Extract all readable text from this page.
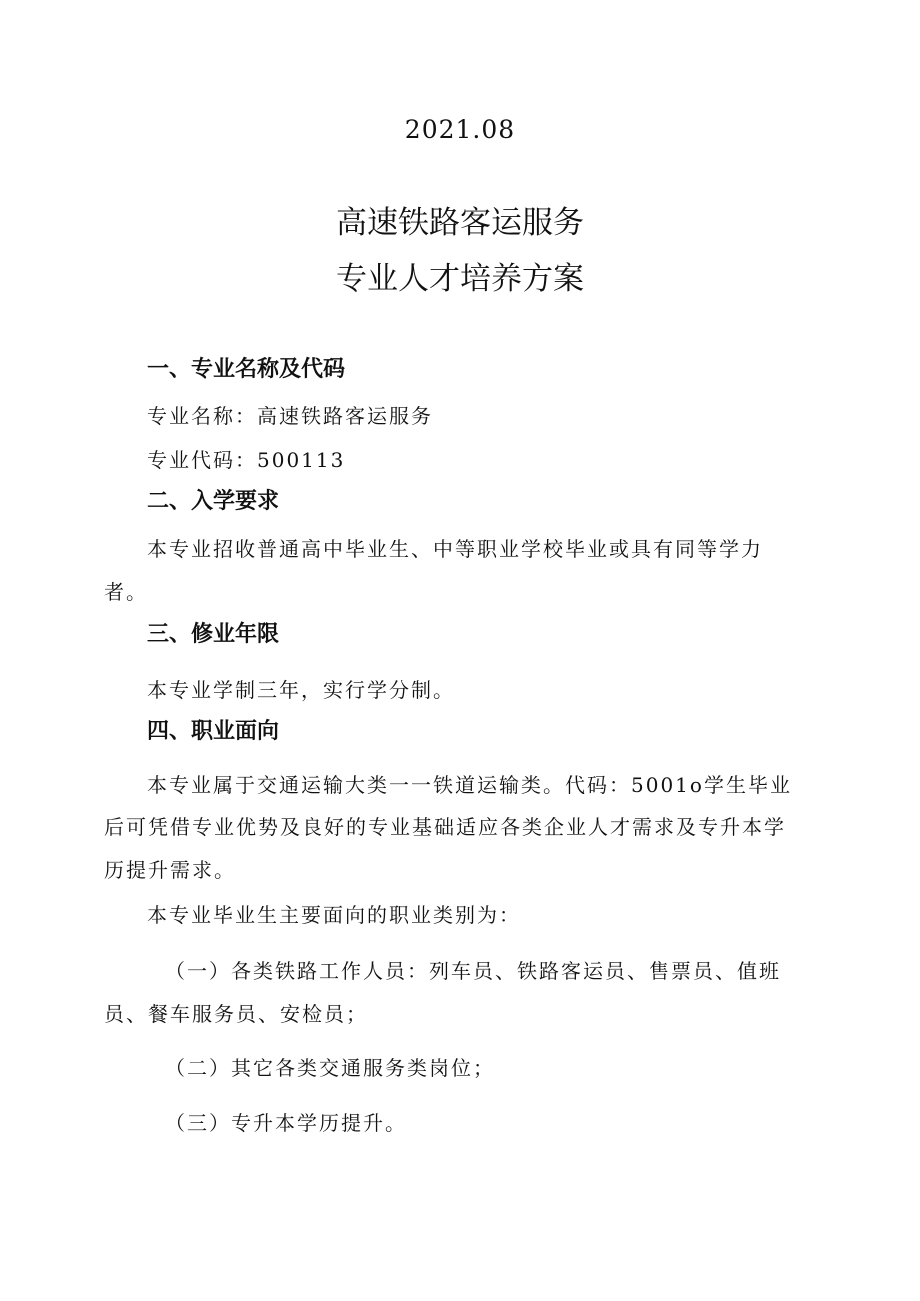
2021.08
高速铁路客运服务
专业人才培养方案
一、专业名称及代码
专业名称：高速铁路客运服务
专业代码：500113
二、入学要求
本专业招收普通高中毕业生、中等职业学校毕业或具有同等学力
者。
三、修业年限
本专业学制三年，实行学分制。
四、职业面向
本专业属于交通运输大类一一铁道运输类。代码：5001o学生毕业
后可凭借专业优势及良好的专业基础适应各类企业人才需求及专升本学
历提升需求。
本专业毕业生主要面向的职业类别为：
（一）各类铁路工作人员：列车员、铁路客运员、售票员、值班
员、餐车服务员、安检员；
（二）其它各类交通服务类岗位；
（三）专升本学历提升。
